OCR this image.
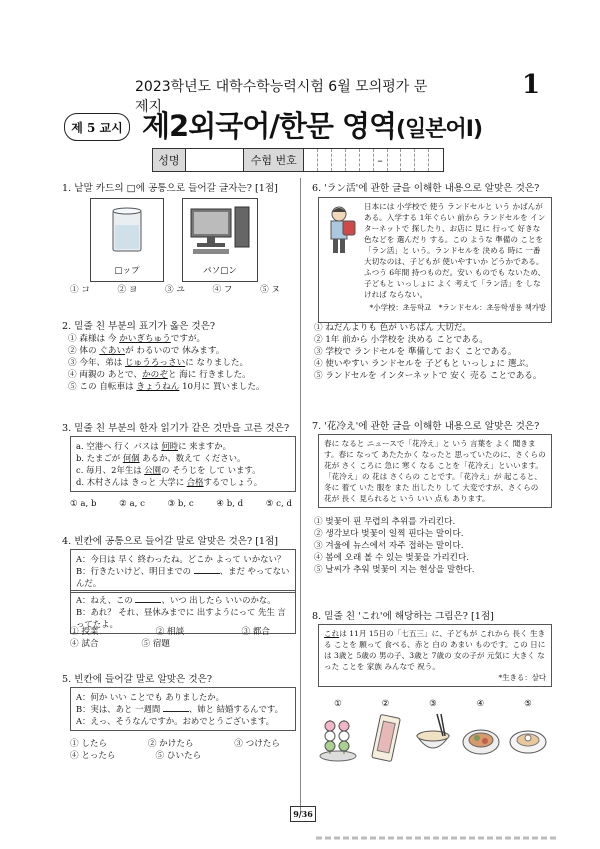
2023학년도 대학수학능력시험 6월 모의평가 문제지
1
제 5 교시 제2외국어/한문 영역(일본어Ⅰ)
성명	수험 번호	–
1. 낱말 카드의 □에 공통으로 들어갈 글자는? [1점]
□ップ	パソ□ン
① コ	② ヨ	③ ユ	④ フ	⑤ ヌ
2. 밑줄 친 부분의 표기가 옳은 것은?
① 森様は 今 かいぎちゅうですが。
② 体の ぐあいが わるいので 休みます。
③ 今年、弟は じゅうろっさいに なりました。
④ 両親の あとで、かのぞと 海に 行きました。
⑤ この 自転車は きょうねん 10月に 買いました。
3. 밑줄 친 부분의 한자 읽기가 같은 것만을 고른 것은?
a. 空港へ 行く バスは 何時に 来ますか。
b. たまごが 何個 あるか、数えて ください。
c. 毎月、2年生は 公園の そうじを して います。
d. 木村さんは きっと 大学に 合格するでしょう。
① a, b	② a, c	③ b, c	④ b, d	⑤ c, d
4. 빈칸에 공통으로 들어갈 말로 알맞은 것은? [1점]
A：今日は 早く 終わったね。どこか よって いかない？
B：行きたいけど、明日までの	、まだ やってないんだ。
A：ねえ、この	、いつ 出したら いいのかな。
B：あれ？ それ、昼休みまでに 出すようにって 先生 言ってたよ。
① 授業	② 相談	③ 都合
④ 試合	⑤ 宿題
5. 빈칸에 들어갈 말로 알맞은 것은?
A：何か いい ことでも ありましたか。
B：実は、あと 一週間	、姉と 結婚するんです。
A：えっ、そうなんですか。おめでとうございます。
① したら	② かけたら	③ つけたら
④ とったら	⑤ ひいたら
6. 'ラン活'에 관한 글을 이해한 내용으로 알맞은 것은?
日本には 小学校で 使う ランドセルと いう かばんが ある。入学する 1年ぐらい 前から ランドセルを インターネットで 探したり、お店に 見に 行って 好きな 色などを 選んだり する。この ような 準備の ことを「ラン活」と いう。ランドセルを 決める 時に 一番 大切なのは、子どもが 使いやすいか どうかである。ふつう 6年間 持つものだ。安い ものでも ないため、子どもと いっしょに よく 考えて「ラン活」を しなければ ならない。
*小学校：초등학교　*ランドセル：초등학생용 책가방
① ねだんよりも 色が いちばん 大切だ。
② 1年 前から 小学校を 決める ことである。
③ 学校で ランドセルを 準備して おく ことである。
④ 使いやすい ランドセルを 子どもと いっしょに 選ぶ。
⑤ ランドセルを インターネットで 安く 売る ことである。
7. '花冷え'에 관한 글을 이해한 내용으로 알맞은 것은?
春に なると ニュースで「花冷え」と いう 言葉を よく 聞きます。春に なって あたたかく なったと 思っていたのに、さくらの 花が さく ころに 急に 寒く なる ことを「花冷え」といいます。「花冷え」の 花は さくらの ことです。「花冷え」が 起こると、冬に 着て いた 服を また 出したり して 大変ですが、さくらの 花が 長く 見られると いう いい 点も あります。
① 벚꽃이 핀 무렵의 추위를 가리킨다.
② 생각보다 벚꽃이 일찍 핀다는 말이다.
③ 겨울에 뉴스에서 자주 접하는 말이다.
④ 봄에 오래 볼 수 있는 벚꽃을 가리킨다.
⑤ 날씨가 추워 벚꽃이 지는 현상을 말한다.
8. 밑줄 친 'これ'에 해당하는 그림은? [1점]
これは 11月 15日の「七五三」に、子どもが これから 長く 生きる ことを 願って 食べる、赤と 白の あまい ものです。この 日には 3歳と 5歳の 男の子、3歳と 7歳の 女の子が 元気に 大きく なった ことを 家族 みんなで 祝う。
*生きる：살다
①	②	③	④	⑤
9/36
